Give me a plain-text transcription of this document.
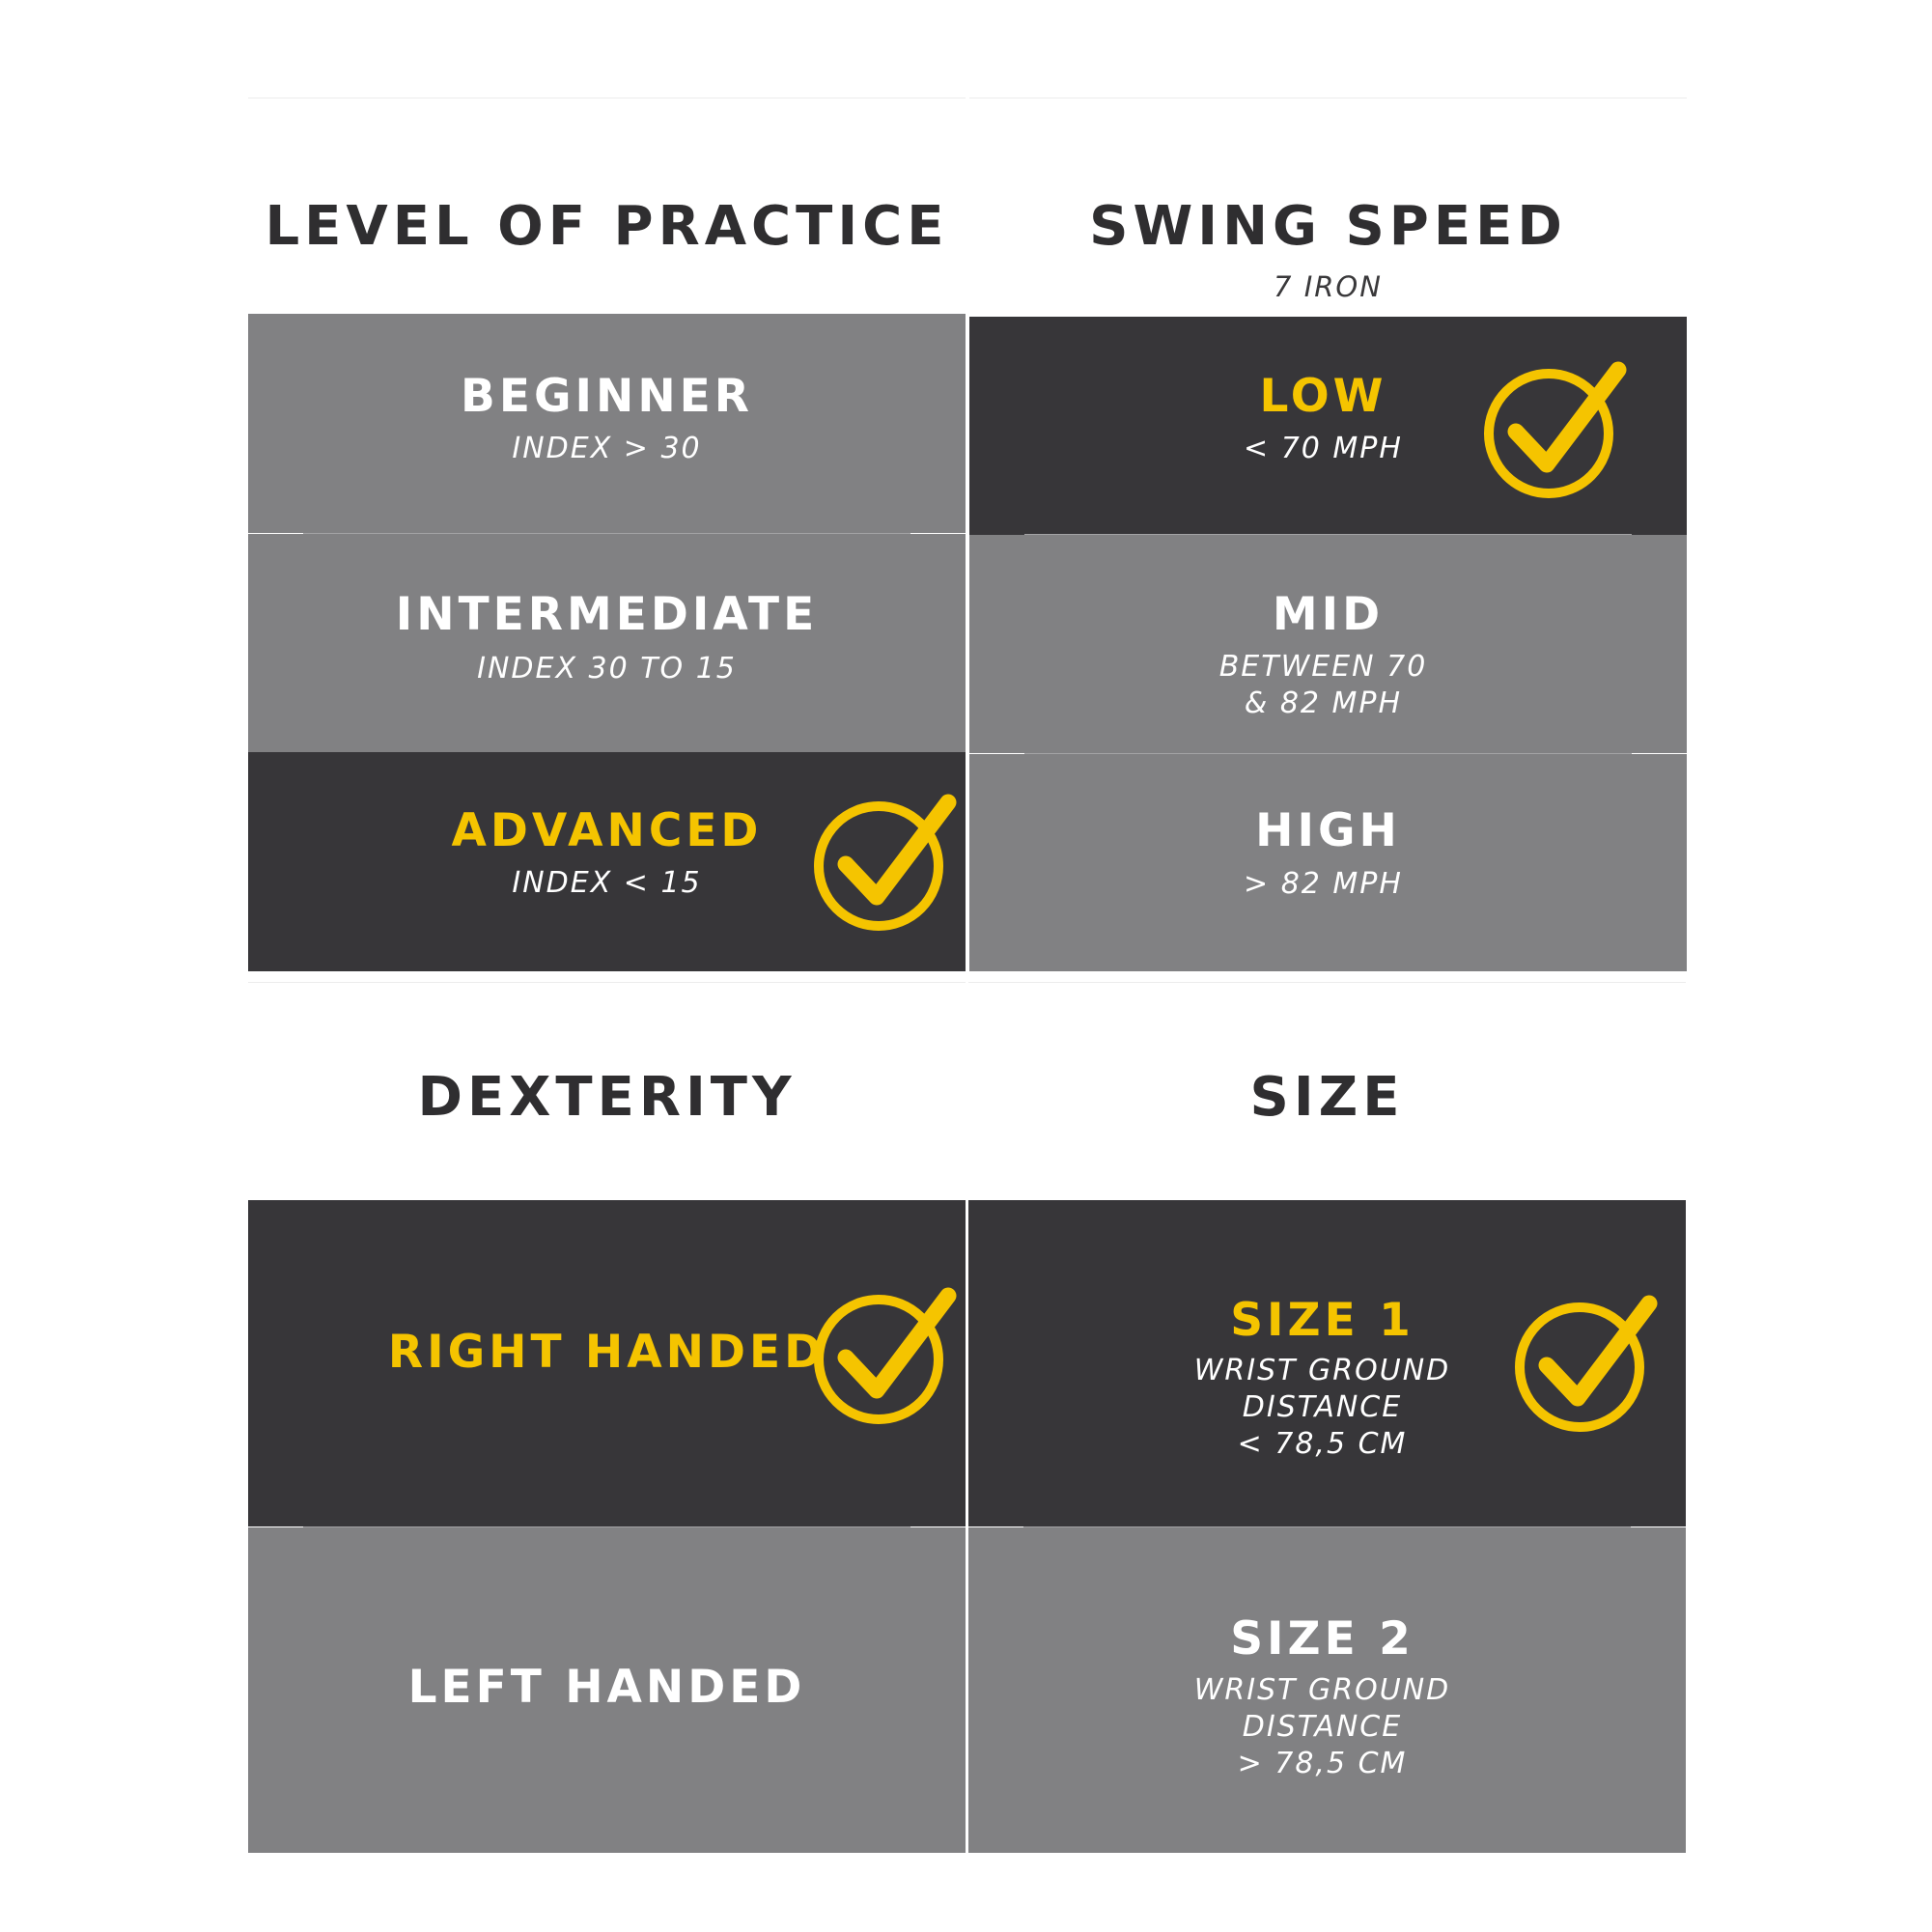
LEVEL OF PRACTICE
BEGINNER
INDEX > 30
INTERMEDIATE
INDEX 30 TO 15
ADVANCED
INDEX < 15
SWING SPEED
7 IRON
LOW
< 70 MPH
MID
BETWEEN 70
& 82 MPH
HIGH
> 82 MPH
DEXTERITY
RIGHT HANDED
LEFT HANDED
SIZE
SIZE 1
WRIST GROUND
DISTANCE
< 78,5 CM
SIZE 2
WRIST GROUND
DISTANCE
> 78,5 CM
